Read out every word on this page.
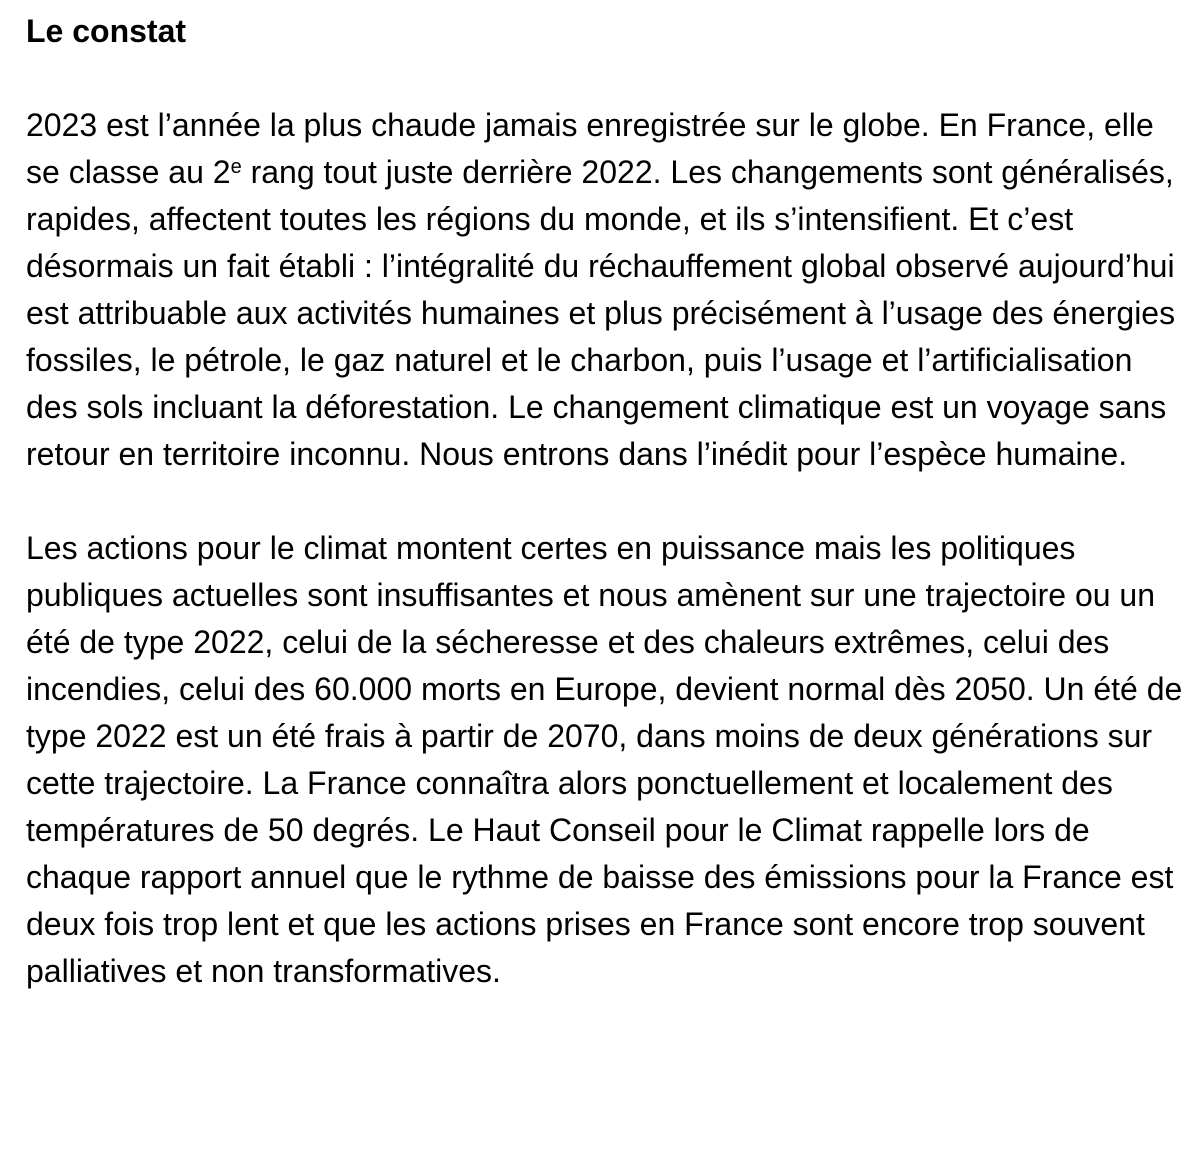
Le constat

2023 est l’année la plus chaude jamais enregistrée sur le globe. En France, elle se classe au 2e rang tout juste derrière 2022. Les changements sont généralisés, rapides, affectent toutes les régions du monde, et ils s’intensifient. Et c’est désormais un fait établi : l’intégralité du réchauffement global observé aujourd’hui est attribuable aux activités humaines et plus précisément à l’usage des énergies fossiles, le pétrole, le gaz naturel et le charbon, puis l’usage et l’artificialisation des sols incluant la déforestation. Le changement climatique est un voyage sans retour en territoire inconnu. Nous entrons dans l’inédit pour l’espèce humaine.

Les actions pour le climat montent certes en puissance mais les politiques publiques actuelles sont insuffisantes et nous amènent sur une trajectoire ou un été de type 2022, celui de la sécheresse et des chaleurs extrêmes, celui des incendies, celui des 60.000 morts en Europe, devient normal dès 2050. Un été de type 2022 est un été frais à partir de 2070, dans moins de deux générations sur cette trajectoire. La France connaîtra alors ponctuellement et localement des températures de 50 degrés. Le Haut Conseil pour le Climat rappelle lors de chaque rapport annuel que le rythme de baisse des émissions pour la France est deux fois trop lent et que les actions prises en France sont encore trop souvent palliatives et non transformatives.
